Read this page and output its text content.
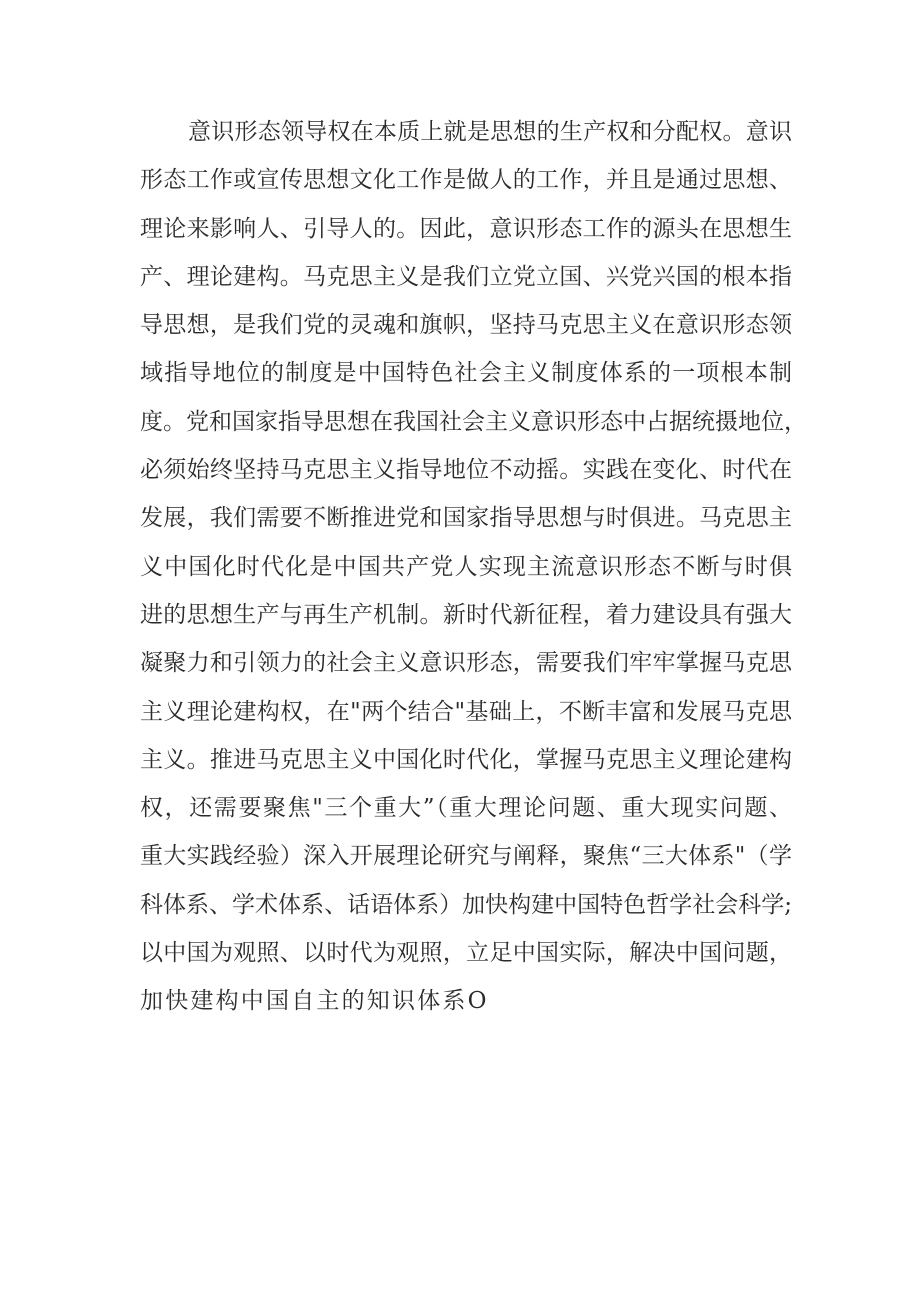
意识形态领导权在本质上就是思想的生产权和分配权。意识
形态工作或宣传思想文化工作是做人的工作，并且是通过思想、
理论来影响人、引导人的。因此，意识形态工作的源头在思想生
产、理论建构。马克思主义是我们立党立国、兴党兴国的根本指
导思想，是我们党的灵魂和旗帜，坚持马克思主义在意识形态领
域指导地位的制度是中国特色社会主义制度体系的一项根本制
度。党和国家指导思想在我国社会主义意识形态中占据统摄地位，
必须始终坚持马克思主义指导地位不动摇。实践在变化、时代在
发展，我们需要不断推进党和国家指导思想与时俱进。马克思主
义中国化时代化是中国共产党人实现主流意识形态不断与时俱
进的思想生产与再生产机制。新时代新征程，着力建设具有强大
凝聚力和引领力的社会主义意识形态，需要我们牢牢掌握马克思
主义理论建构权，在"两个结合"基础上，不断丰富和发展马克思
主义。推进马克思主义中国化时代化，掌握马克思主义理论建构
权，还需要聚焦"三个重大”（重大理论问题、重大现实问题、
重大实践经验）深入开展理论研究与阐释，聚焦“三大体系"（学
科体系、学术体系、话语体系）加快构建中国特色哲学社会科学;
以中国为观照、以时代为观照，立足中国实际，解决中国问题，
加快建构中国自主的知识体系O
